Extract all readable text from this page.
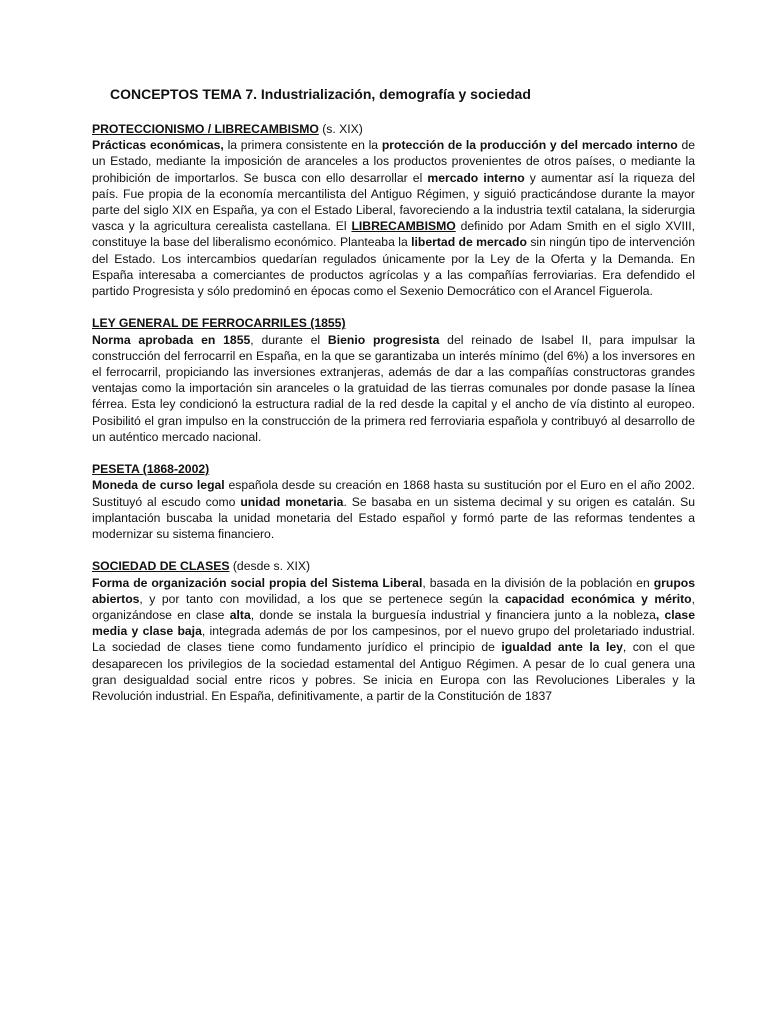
CONCEPTOS TEMA 7. Industrialización, demografía y sociedad
PROTECCIONISMO / LIBRECAMBISMO (s. XIX)

Prácticas económicas, la primera consistente en la protección de la producción y del mercado interno de un Estado, mediante la imposición de aranceles a los productos provenientes de otros países, o mediante la prohibición de importarlos. Se busca con ello desarrollar el mercado interno y aumentar así la riqueza del país. Fue propia de la economía mercantilista del Antiguo Régimen, y siguió practicándose durante la mayor parte del siglo XIX en España, ya con el Estado Liberal, favoreciendo a la industria textil catalana, la siderurgia vasca y la agricultura cerealista castellana. El LIBRECAMBISMO definido por Adam Smith en el siglo XVIII, constituye la base del liberalismo económico. Planteaba la libertad de mercado sin ningún tipo de intervención del Estado. Los intercambios quedarían regulados únicamente por la Ley de la Oferta y la Demanda. En España interesaba a comerciantes de productos agrícolas y a las compañías ferroviarias. Era defendido el partido Progresista y sólo predominó en épocas como el Sexenio Democrático con el Arancel Figuerola.

LEY GENERAL DE FERROCARRILES (1855)

Norma aprobada en 1855, durante el Bienio progresista del reinado de Isabel II, para impulsar la construcción del ferrocarril en España, en la que se garantizaba un interés mínimo (del 6%) a los inversores en el ferrocarril, propiciando las inversiones extranjeras, además de dar a las compañías constructoras grandes ventajas como la importación sin aranceles o la gratuidad de las tierras comunales por donde pasase la línea férrea. Esta ley condicionó la estructura radial de la red desde la capital y el ancho de vía distinto al europeo. Posibilitó el gran impulso en la construcción de la primera red ferroviaria española y contribuyó al desarrollo de un auténtico mercado nacional.

PESETA (1868-2002)

Moneda de curso legal española desde su creación en 1868 hasta su sustitución por el Euro en el año 2002. Sustituyó al escudo como unidad monetaria. Se basaba en un sistema decimal y su origen es catalán. Su implantación buscaba la unidad monetaria del Estado español y formó parte de las reformas tendentes a modernizar su sistema financiero.

SOCIEDAD DE CLASES (desde s. XIX)

Forma de organización social propia del Sistema Liberal, basada en la división de la población en grupos abiertos, y por tanto con movilidad, a los que se pertenece según la capacidad económica y mérito, organizándose en clase alta, donde se instala la burguesía industrial y financiera junto a la nobleza, clase media y clase baja, integrada además de por los campesinos, por el nuevo grupo del proletariado industrial. La sociedad de clases tiene como fundamento jurídico el principio de igualdad ante la ley, con el que desaparecen los privilegios de la sociedad estamental del Antiguo Régimen. A pesar de lo cual genera una gran desigualdad social entre ricos y pobres. Se inicia en Europa con las Revoluciones Liberales y la Revolución industrial. En España, definitivamente, a partir de la Constitución de 1837
